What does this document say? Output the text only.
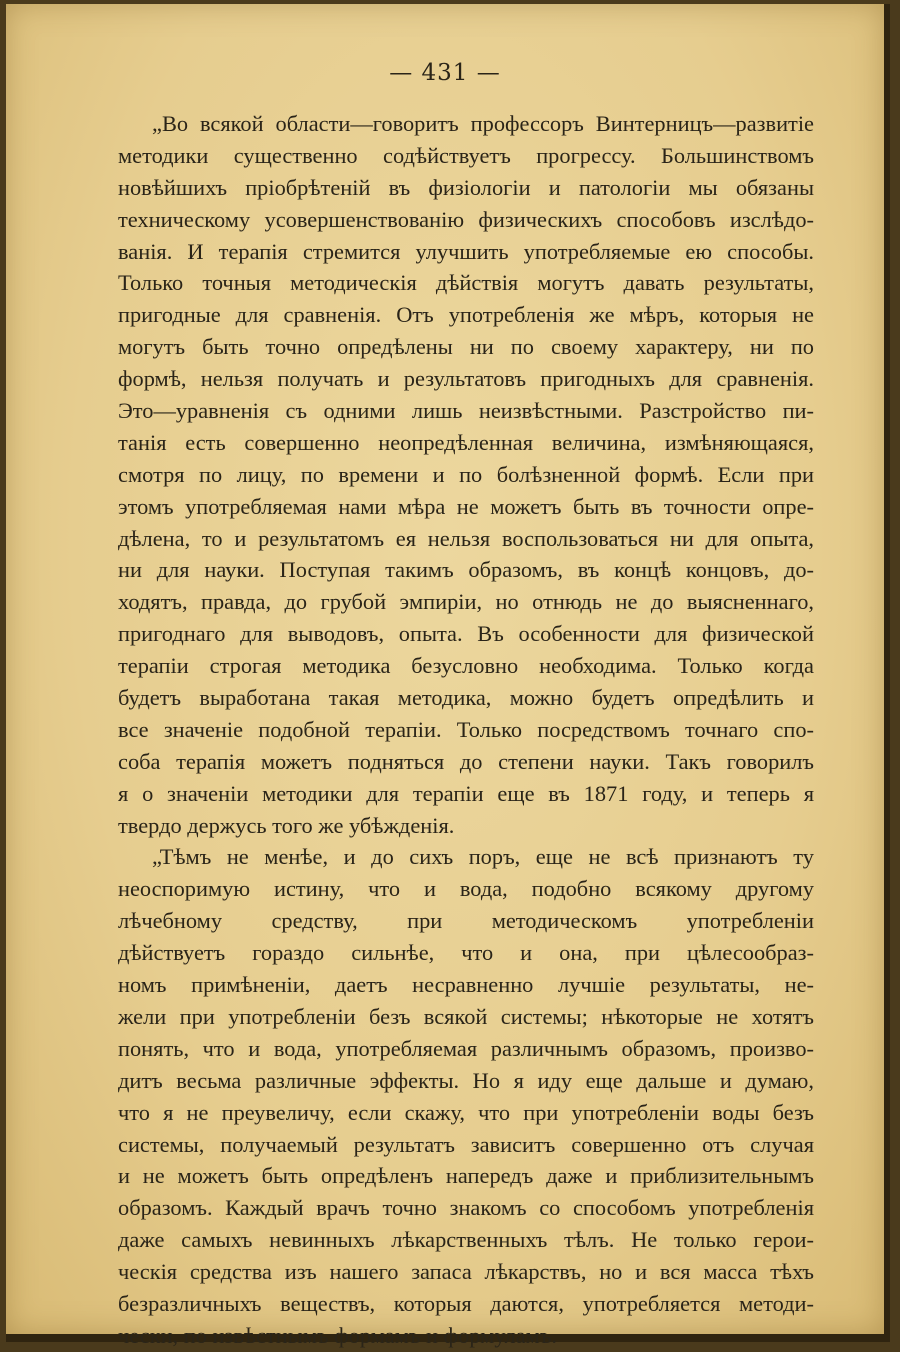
— 431 —
„Во всякой области—говоритъ профессоръ Винтерницъ—развитіе
методики существенно содѣйствуетъ прогрессу. Большинствомъ
новѣйшихъ пріобрѣтеній въ физіологіи и патологіи мы обязаны
техническому усовершенствованію физическихъ способовъ изслѣдо-
ванія. И терапія стремится улучшить употребляемые ею способы.
Только точныя методическія дѣйствія могутъ давать результаты,
пригодные для сравненія. Отъ употребленія же мѣръ, которыя не
могутъ быть точно опредѣлены ни по своему характеру, ни по
формѣ, нельзя получать и результатовъ пригодныхъ для сравненія.
Это—уравненія съ одними лишь неизвѣстными. Разстройство пи-
танія есть совершенно неопредѣленная величина, измѣняющаяся,
смотря по лицу, по времени и по болѣзненной формѣ. Если при
этомъ употребляемая нами мѣра не можетъ быть въ точности опре-
дѣлена, то и результатомъ ея нельзя воспользоваться ни для опыта,
ни для науки. Поступая такимъ образомъ, въ концѣ концовъ, до-
ходятъ, правда, до грубой эмпиріи, но отнюдь не до выясненнаго,
пригоднаго для выводовъ, опыта. Въ особенности для физической
терапіи строгая методика безусловно необходима. Только когда
будетъ выработана такая методика, можно будетъ опредѣлить и
все значеніе подобной терапіи. Только посредствомъ точнаго спо-
соба терапія можетъ подняться до степени науки. Такъ говорилъ
я о значеніи методики для терапіи еще въ 1871 году, и теперь я
твердо держусь того же убѣжденія.
„Тѣмъ не менѣе, и до сихъ поръ, еще не всѣ признаютъ ту
неоспоримую истину, что и вода, подобно всякому другому
лѣчебному средству, при методическомъ употребленіи
дѣйствуетъ гораздо сильнѣе, что и она, при цѣлесообраз-
номъ примѣненіи, даетъ несравненно лучшіе результаты, не-
жели при употребленіи безъ всякой системы; нѣкоторые не хотятъ
понять, что и вода, употребляемая различнымъ образомъ, произво-
дитъ весьма различные эффекты. Но я иду еще дальше и думаю,
что я не преувеличу, если скажу, что при употребленіи воды безъ
системы, получаемый результатъ зависитъ совершенно отъ случая
и не можетъ быть опредѣленъ напередъ даже и приблизительнымъ
образомъ. Каждый врачъ точно знакомъ со способомъ употребленія
даже самыхъ невинныхъ лѣкарственныхъ тѣлъ. Не только герои-
ческія средства изъ нашего запаса лѣкарствъ, но и вся масса тѣхъ
безразличныхъ веществъ, которыя даются, употребляется методи-
чески, по извѣстнымъ формамъ и формуламъ.
